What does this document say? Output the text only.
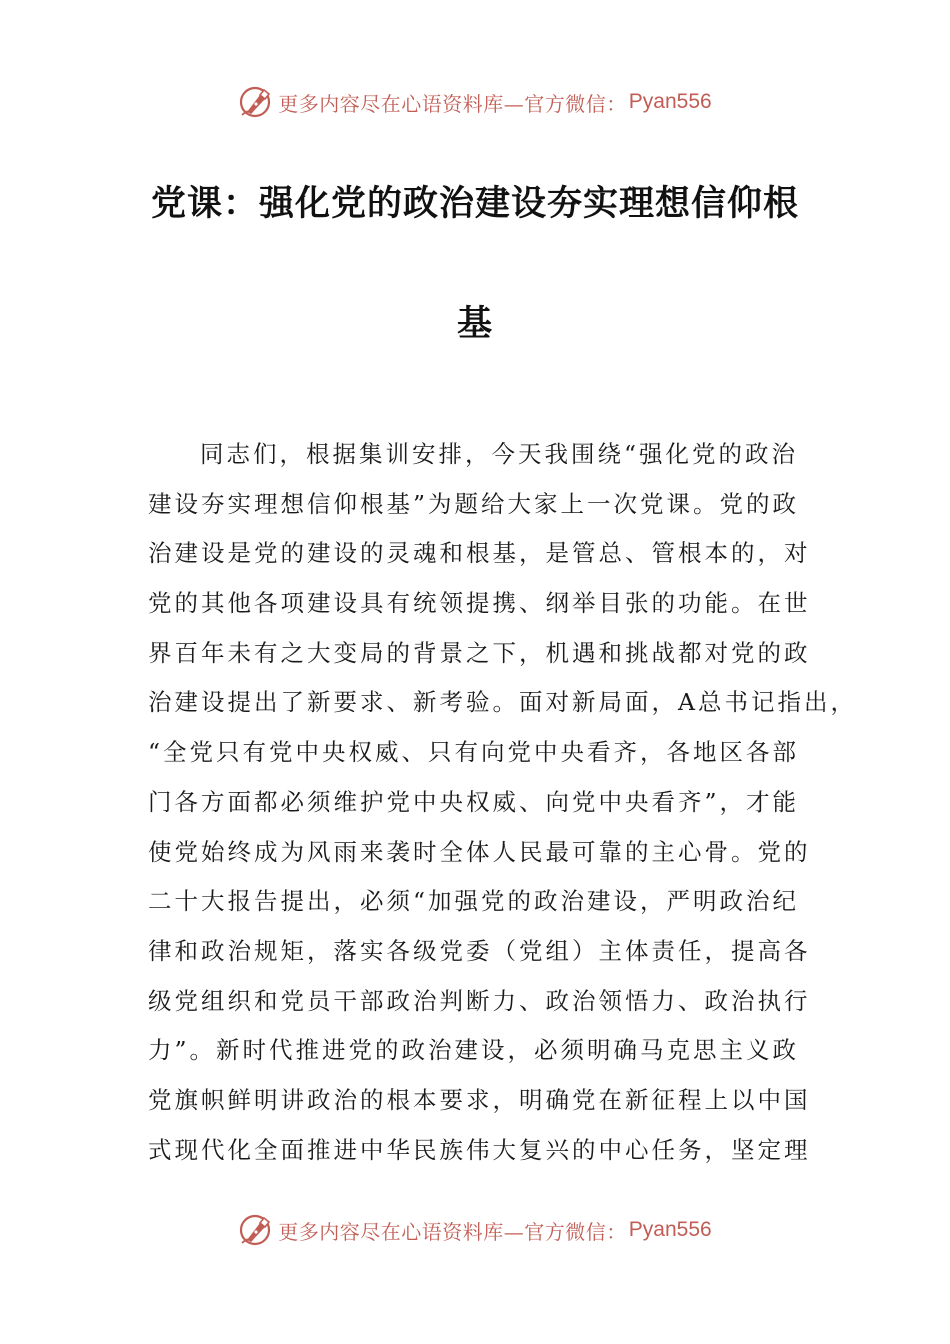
更多内容尽在心语资料库—官方微信： Pyan556
党课：强化党的政治建设夯实理想信仰根
基
同志们，根据集训安排，今天我围绕“强化党的政治
建设夯实理想信仰根基”为题给大家上一次党课。党的政
治建设是党的建设的灵魂和根基，是管总、管根本的，对
党的其他各项建设具有统领提携、纲举目张的功能。在世
界百年未有之大变局的背景之下，机遇和挑战都对党的政
治建设提出了新要求、新考验。面对新局面，A总书记指出，
“全党只有党中央权威、只有向党中央看齐，各地区各部
门各方面都必须维护党中央权威、向党中央看齐”，才能
使党始终成为风雨来袭时全体人民最可靠的主心骨。党的
二十大报告提出，必须“加强党的政治建设，严明政治纪
律和政治规矩，落实各级党委（党组）主体责任，提高各
级党组织和党员干部政治判断力、政治领悟力、政治执行
力”。新时代推进党的政治建设，必须明确马克思主义政
党旗帜鲜明讲政治的根本要求，明确党在新征程上以中国
式现代化全面推进中华民族伟大复兴的中心任务，坚定理
更多内容尽在心语资料库—官方微信： Pyan556
